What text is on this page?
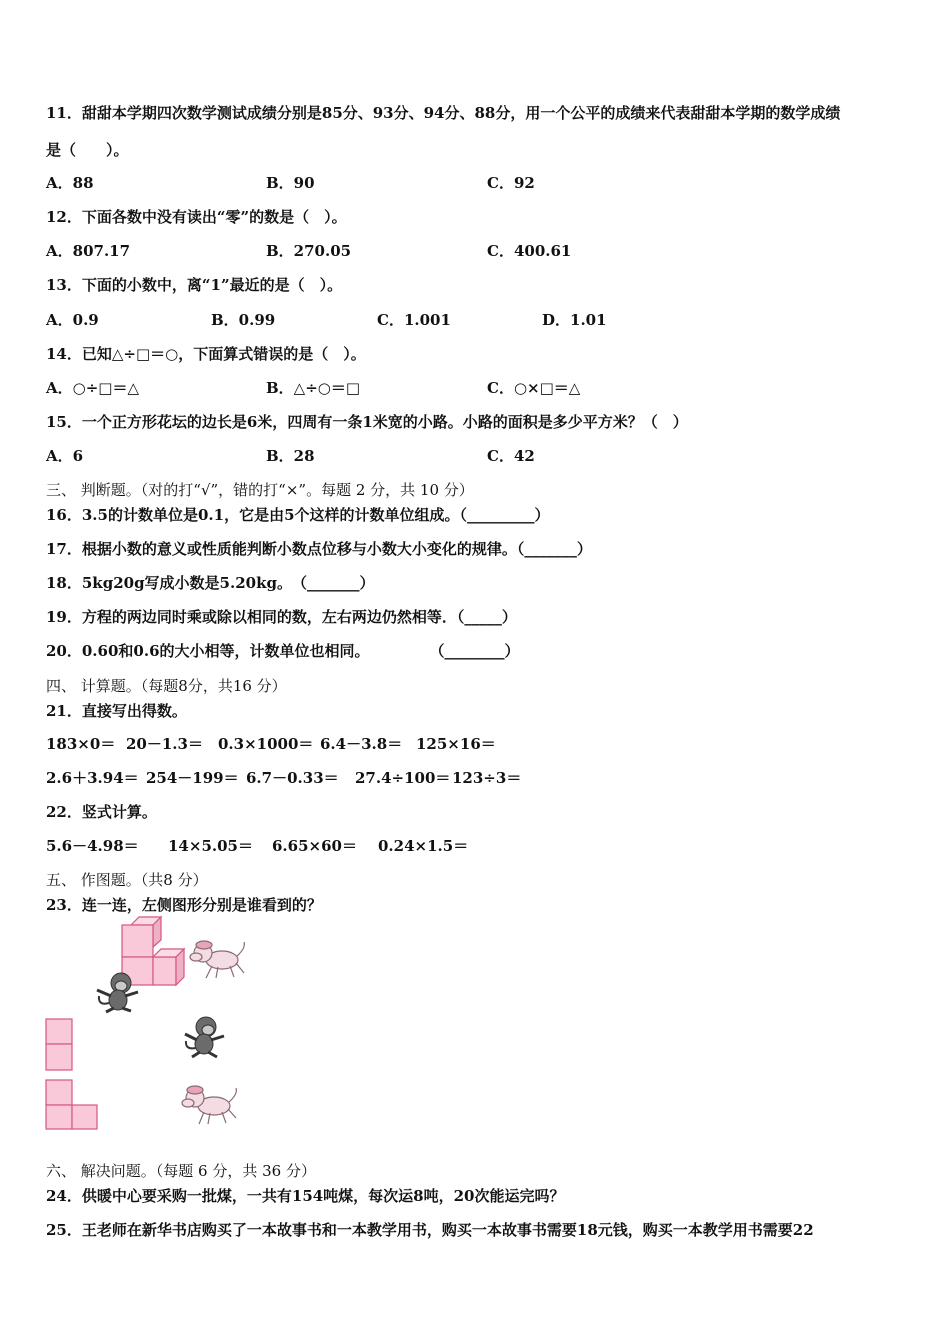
11．甜甜本学期四次数学测试成绩分别是85分、93分、94分、88分，用一个公平的成绩来代表甜甜本学期的数学成绩
是（　　）。
A．88	B．90	C．92
12．下面各数中没有读出“零”的数是（　）。
A．807.17	B．270.05	C．400.61
13．下面的小数中，离“1”最近的是（　）。
A．0.9	B．0.99	C．1.001	D．1.01
14．已知△÷□＝○，下面算式错误的是（　）。
A．○÷□＝△	B．△÷○＝□	C．○×□＝△
15．一个正方形花坛的边长是6米，四周有一条1米宽的小路。小路的面积是多少平方米？（　）
A．6	B．28	C．42
三、 判断题。（对的打“√”，错的打“×”。每题 2 分，共 10 分）
16．3.5的计数单位是0.1，它是由5个这样的计数单位组成。（_________）
17．根据小数的意义或性质能判断小数点位移与小数大小变化的规律。（_______）
18．5kg20g写成小数是5.20kg。　（_______）
19．方程的两边同时乘或除以相同的数，左右两边仍然相等．（_____）
20．0.60和0.6的大小相等，计数单位也相同。　　　　　（________）
四、 计算题。（每题8分，共16 分）
21．直接写出得数。
183×0＝ 20－1.3＝ 0.3×1000＝ 6.4－3.8＝ 125×16＝
2.6＋3.94＝ 254－199＝ 6.7－0.33＝ 27.4÷100＝ 123÷3＝
22．竖式计算。
5.6－4.98＝ 14×5.05＝ 6.65×60＝ 0.24×1.5＝
五、 作图题。（共8 分）
23．连一连，左侧图形分别是谁看到的？
六、 解决问题。（每题 6 分，共 36 分）
24．供暖中心要采购一批煤，一共有154吨煤，每次运8吨，20次能运完吗？
25．王老师在新华书店购买了一本故事书和一本教学用书，购买一本故事书需要18元钱，购买一本教学用书需要22
